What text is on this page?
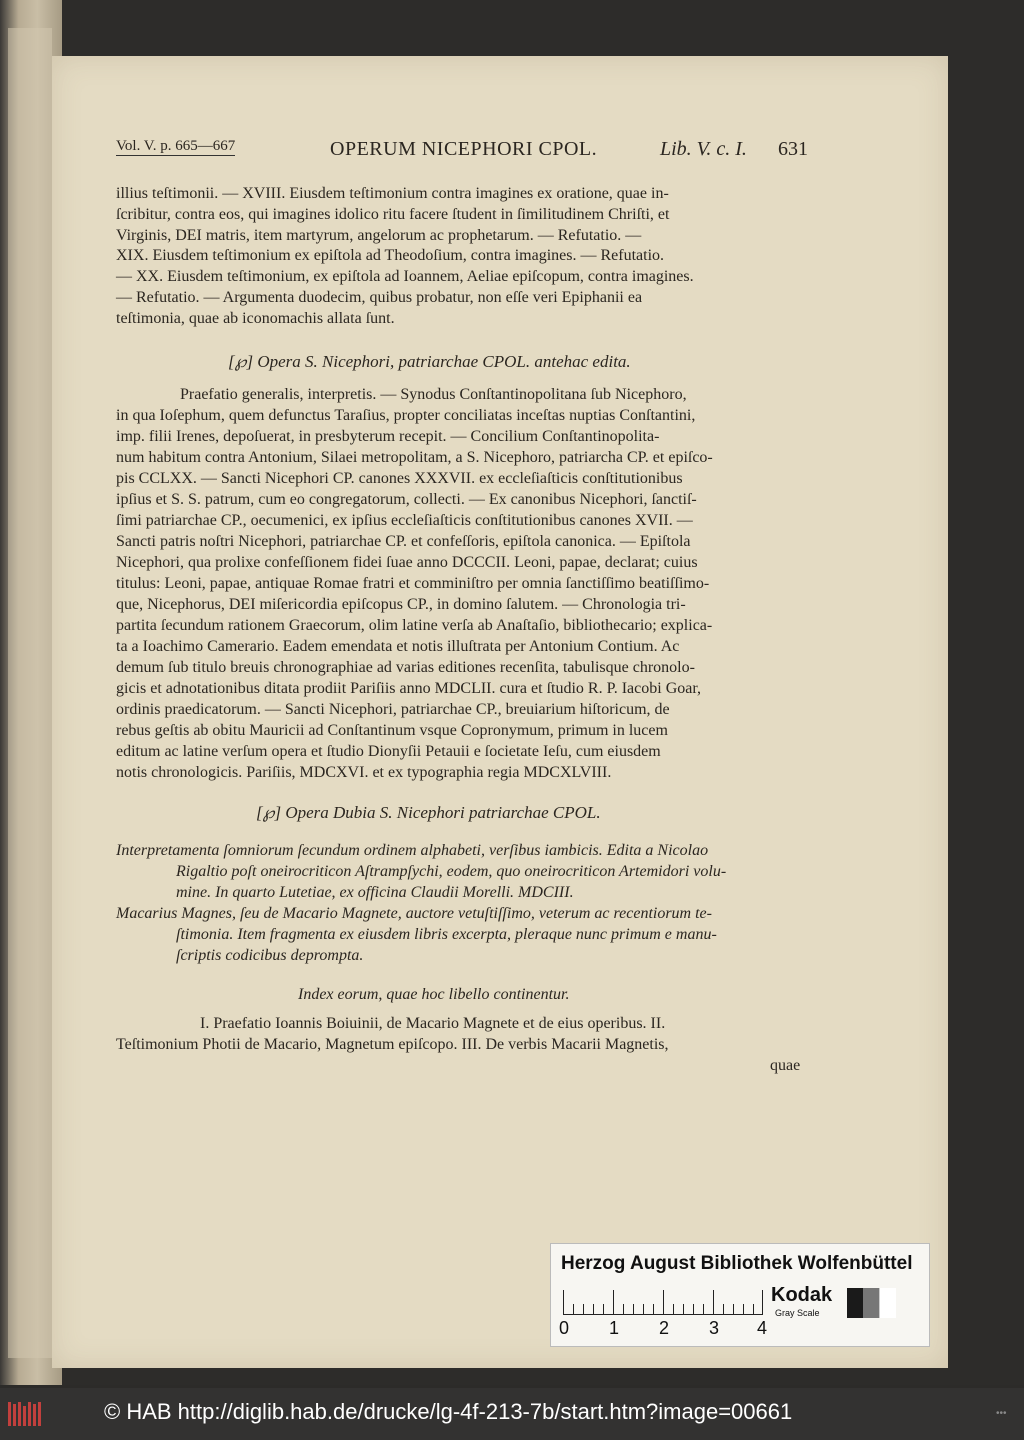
Vol. V. p. 665—667	OPERUM NICEPHORI CPOL.	Lib. V. c. I. 631
illius teſtimonii. — XVIII. Eiusdem teſtimonium contra imagines ex oratione, quae in-
ſcribitur, contra eos, qui imagines idolico ritu facere ſtudent in ſimilitudinem Chriſti, et
Virginis, DEI matris, item martyrum, angelorum ac prophetarum. — Refutatio. —
XIX. Eiusdem teſtimonium ex epiſtola ad Theodoſium, contra imagines. — Refutatio.
— XX. Eiusdem teſtimonium, ex epiſtola ad Ioannem, Aeliae epiſcopum, contra imagines.
— Refutatio. — Argumenta duodecim, quibus probatur, non eſſe veri Epiphanii ea
teſtimonia, quae ab iconomachis allata ſunt.
[℘] Opera S. Nicephori, patriarchae CPOL. antehac edita.
Praefatio generalis, interpretis. — Synodus Conſtantinopolitana ſub Nicephoro,
in qua Ioſephum, quem defunctus Taraſius, propter conciliatas inceſtas nuptias Conſtantini,
imp. filii Irenes, depoſuerat, in presbyterum recepit. — Concilium Conſtantinopolita-
num habitum contra Antonium, Silaei metropolitam, a S. Nicephoro, patriarcha CP. et epiſco-
pis CCLXX. — Sancti Nicephori CP. canones XXXVII. ex eccleſiaſticis conſtitutionibus
ipſius et S. S. patrum, cum eo congregatorum, collecti. — Ex canonibus Nicephori, ſanctiſ-
ſimi patriarchae CP., oecumenici, ex ipſius eccleſiaſticis conſtitutionibus canones XVII. —
Sancti patris noſtri Nicephori, patriarchae CP. et confeſſoris, epiſtola canonica. — Epiſtola
Nicephori, qua prolixe confeſſionem fidei ſuae anno DCCCII. Leoni, papae, declarat; cuius
titulus: Leoni, papae, antiquae Romae fratri et comminiſtro per omnia ſanctiſſimo beatiſſimo-
que, Nicephorus, DEI miſericordia epiſcopus CP., in domino ſalutem. — Chronologia tri-
partita ſecundum rationem Graecorum, olim latine verſa ab Anaſtaſio, bibliothecario; explica-
ta a Ioachimo Camerario. Eadem emendata et notis illuſtrata per Antonium Contium. Ac
demum ſub titulo breuis chronographiae ad varias editiones recenſita, tabulisque chronolo-
gicis et adnotationibus ditata prodiit Pariſiis anno MDCLII. cura et ſtudio R. P. Iacobi Goar,
ordinis praedicatorum. — Sancti Nicephori, patriarchae CP., breuiarium hiſtoricum, de
rebus geſtis ab obitu Mauricii ad Conſtantinum vsque Copronymum, primum in lucem
editum ac latine verſum opera et ſtudio Dionyſii Petauii e ſocietate Ieſu, cum eiusdem
notis chronologicis. Pariſiis, MDCXVI. et ex typographia regia MDCXLVIII.
[℘] Opera Dubia S. Nicephori patriarchae CPOL.
Interpretamenta ſomniorum ſecundum ordinem alphabeti, verſibus iambicis. Edita a Nicolao
Rigaltio poſt oneirocriticon Aſtrampſychi, eodem, quo oneirocriticon Artemidori volu-
mine. In quarto Lutetiae, ex officina Claudii Morelli. MDCIII.
Macarius Magnes, ſeu de Macario Magnete, auctore vetuſtiſſimo, veterum ac recentiorum te-
ſtimonia. Item fragmenta ex eiusdem libris excerpta, pleraque nunc primum e manu-
ſcriptis codicibus deprompta.
Index eorum, quae hoc libello continentur.
I. Praefatio Ioannis Boiuinii, de Macario Magnete et de eius operibus. II.
Teſtimonium Photii de Macario, Magnetum epiſcopo. III. De verbis Macarii Magnetis,
quae
Herzog August Bibliothek Wolfenbüttel
0 1 2 3 4
Kodak
Gray Scale
© HAB http://diglib.hab.de/drucke/lg-4f-213-7b/start.htm?image=00661	•••
